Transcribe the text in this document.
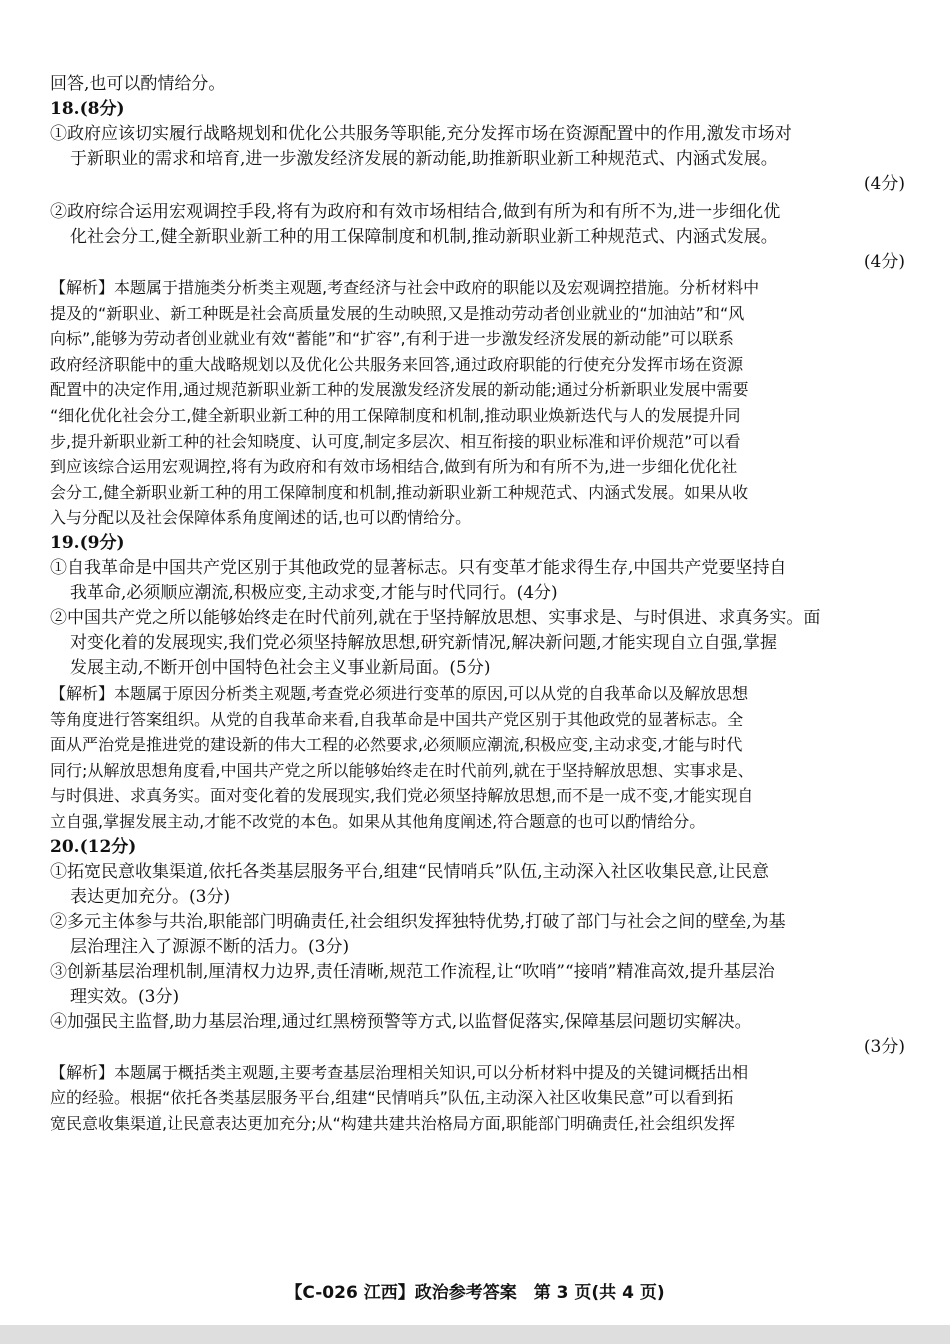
回答,也可以酌情给分。

18.(8分)

①政府应该切实履行战略规划和优化公共服务等职能,充分发挥市场在资源配置中的作用,激发市场对

于新职业的需求和培育,进一步激发经济发展的新动能,助推新职业新工种规范式、内涵式发展。

(4分)

②政府综合运用宏观调控手段,将有为政府和有效市场相结合,做到有所为和有所不为,进一步细化优

化社会分工,健全新职业新工种的用工保障制度和机制,推动新职业新工种规范式、内涵式发展。

(4分)

【解析】本题属于措施类分析类主观题,考查经济与社会中政府的职能以及宏观调控措施。分析材料中

提及的“新职业、新工种既是社会高质量发展的生动映照,又是推动劳动者创业就业的“加油站”和“风

向标”,能够为劳动者创业就业有效“蓄能”和“扩容”,有利于进一步激发经济发展的新动能”可以联系

政府经济职能中的重大战略规划以及优化公共服务来回答,通过政府职能的行使充分发挥市场在资源

配置中的决定作用,通过规范新职业新工种的发展激发经济发展的新动能;通过分析新职业发展中需要

“细化优化社会分工,健全新职业新工种的用工保障制度和机制,推动职业焕新迭代与人的发展提升同

步,提升新职业新工种的社会知晓度、认可度,制定多层次、相互衔接的职业标准和评价规范”可以看

到应该综合运用宏观调控,将有为政府和有效市场相结合,做到有所为和有所不为,进一步细化优化社

会分工,健全新职业新工种的用工保障制度和机制,推动新职业新工种规范式、内涵式发展。如果从收

入与分配以及社会保障体系角度阐述的话,也可以酌情给分。

19.(9分)

①自我革命是中国共产党区别于其他政党的显著标志。只有变革才能求得生存,中国共产党要坚持自

我革命,必须顺应潮流,积极应变,主动求变,才能与时代同行。(4分)

②中国共产党之所以能够始终走在时代前列,就在于坚持解放思想、实事求是、与时俱进、求真务实。面

对变化着的发展现实,我们党必须坚持解放思想,研究新情况,解决新问题,才能实现自立自强,掌握

发展主动,不断开创中国特色社会主义事业新局面。(5分)

【解析】本题属于原因分析类主观题,考查党必须进行变革的原因,可以从党的自我革命以及解放思想

等角度进行答案组织。从党的自我革命来看,自我革命是中国共产党区别于其他政党的显著标志。全

面从严治党是推进党的建设新的伟大工程的必然要求,必须顺应潮流,积极应变,主动求变,才能与时代

同行;从解放思想角度看,中国共产党之所以能够始终走在时代前列,就在于坚持解放思想、实事求是、

与时俱进、求真务实。面对变化着的发展现实,我们党必须坚持解放思想,而不是一成不变,才能实现自

立自强,掌握发展主动,才能不改党的本色。如果从其他角度阐述,符合题意的也可以酌情给分。

20.(12分)

①拓宽民意收集渠道,依托各类基层服务平台,组建“民情哨兵”队伍,主动深入社区收集民意,让民意

表达更加充分。(3分)

②多元主体参与共治,职能部门明确责任,社会组织发挥独特优势,打破了部门与社会之间的壁垒,为基

层治理注入了源源不断的活力。(3分)

③创新基层治理机制,厘清权力边界,责任清晰,规范工作流程,让“吹哨”“接哨”精准高效,提升基层治

理实效。(3分)

④加强民主监督,助力基层治理,通过红黑榜预警等方式,以监督促落实,保障基层问题切实解决。

(3分)

【解析】本题属于概括类主观题,主要考查基层治理相关知识,可以分析材料中提及的关键词概括出相

应的经验。根据“依托各类基层服务平台,组建“民情哨兵”队伍,主动深入社区收集民意”可以看到拓

宽民意收集渠道,让民意表达更加充分;从“构建共建共治格局方面,职能部门明确责任,社会组织发挥

【C-026 江西】政治参考答案　第 3 页(共 4 页)
